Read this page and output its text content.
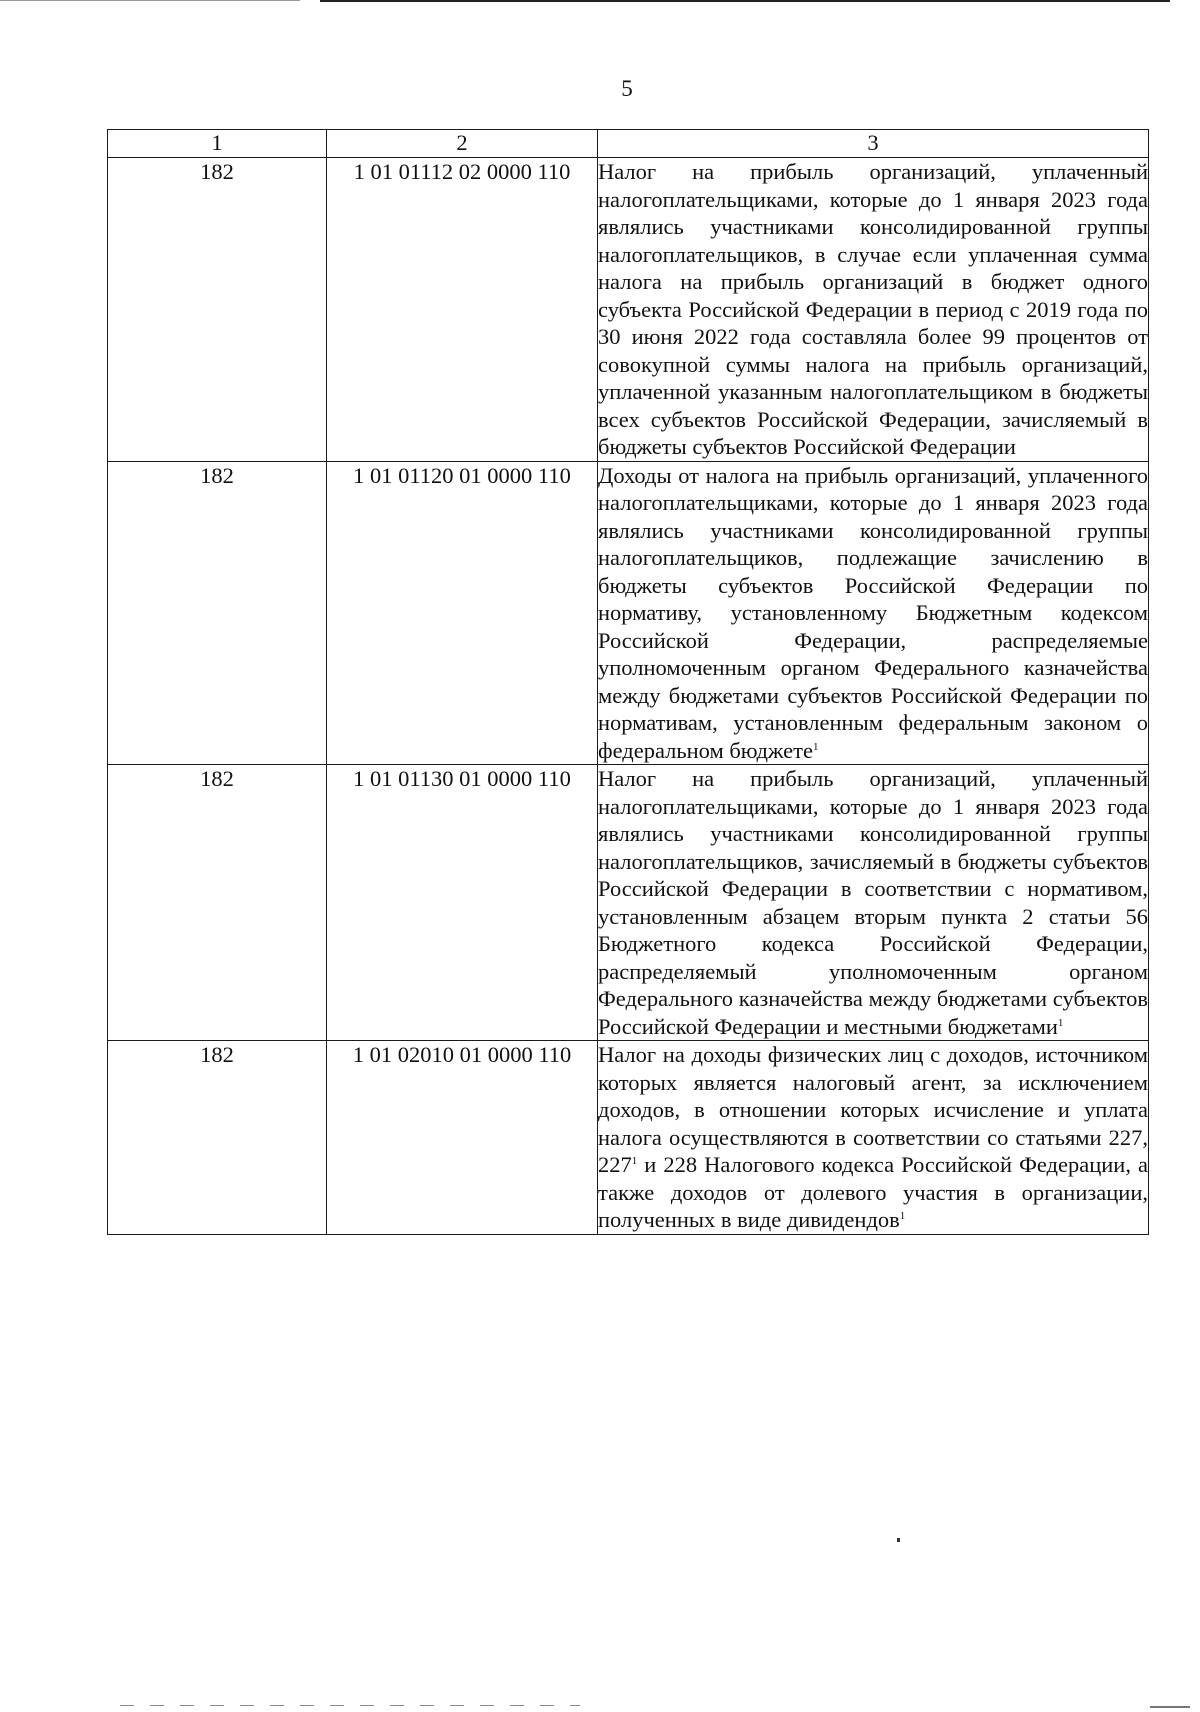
5
1	2	3
182	1 01 01112 02 0000 110	Налог на прибыль организаций, уплаченный налогоплательщиками, которые до 1 января 2023 года являлись участниками консолидированной группы налогоплательщиков, в случае если уплаченная сумма налога на прибыль организаций в бюджет одного субъекта Российской Федерации в период с 2019 года по 30 июня 2022 года составляла более 99 процентов от совокупной суммы налога на прибыль организаций, уплаченной указанным налогоплательщиком в бюджеты всех субъектов Российской Федерации, зачисляемый в бюджеты субъектов Российской Федерации
182	1 01 01120 01 0000 110	Доходы от налога на прибыль организаций, уплаченного налогоплательщиками, которые до 1 января 2023 года являлись участниками консолидированной группы налогоплательщиков, подлежащие зачислению в бюджеты субъектов Российской Федерации по нормативу, установленному Бюджетным кодексом Российской Федерации, распределяемые уполномоченным органом Федерального казначейства между бюджетами субъектов Российской Федерации по нормативам, установленным федеральным законом о федеральном бюджете$^1$
182	1 01 01130 01 0000 110	Налог на прибыль организаций, уплаченный налогоплательщиками, которые до 1 января 2023 года являлись участниками консолидированной группы налогоплательщиков, зачисляемый в бюджеты субъектов Российской Федерации в соответствии с нормативом, установленным абзацем вторым пункта 2 статьи 56 Бюджетного кодекса Российской Федерации, распределяемый уполномоченным органом Федерального казначейства между бюджетами субъектов Российской Федерации и местными бюджетами$^1$
182	1 01 02010 01 0000 110	Налог на доходы физических лиц с доходов, источником которых является налоговый агент, за исключением доходов, в отношении которых исчисление и уплата налога осуществляются в соответствии со статьями 227, $227^1$ и 228 Налогового кодекса Российской Федерации, а также доходов от долевого участия в организации, полученных в виде дивидендов$^1$
